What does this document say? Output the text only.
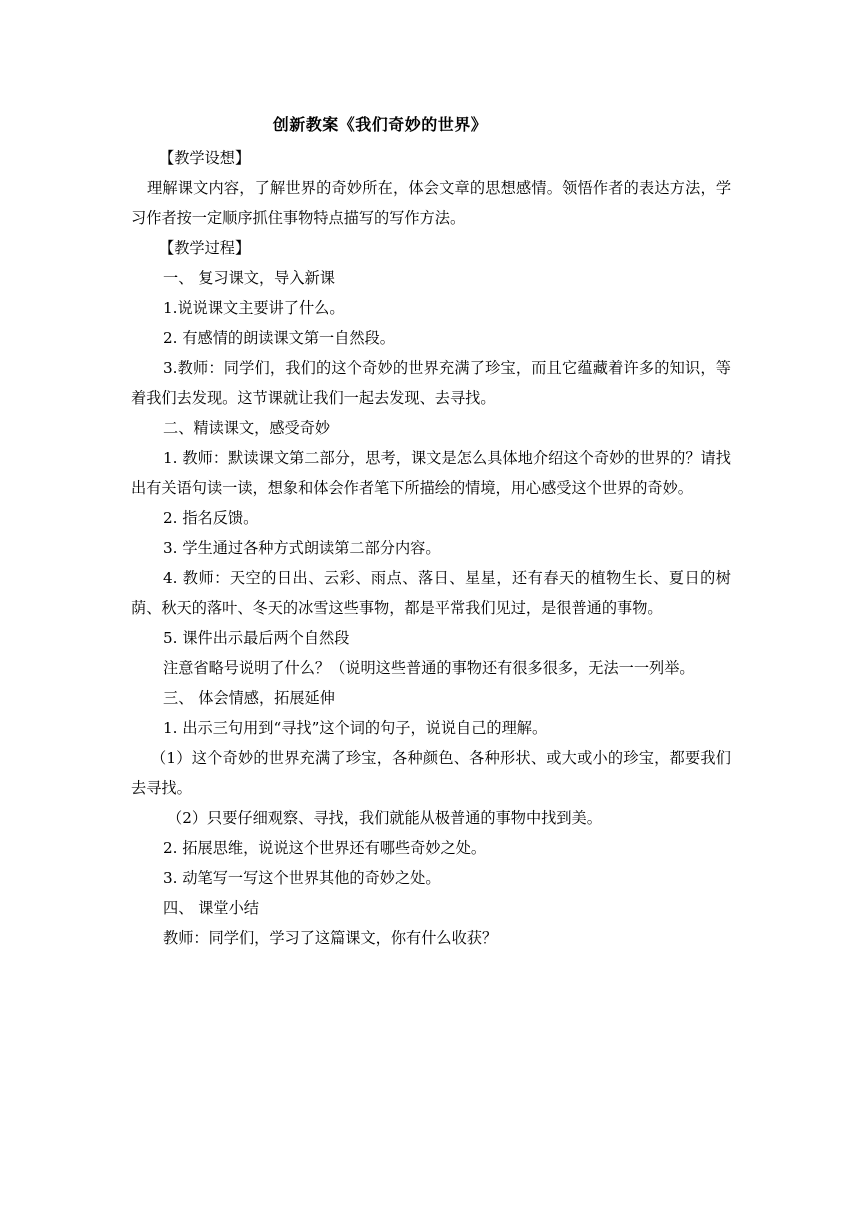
创新教案《我们奇妙的世界》
【教学设想】
理解课文内容，了解世界的奇妙所在，体会文章的思想感情。领悟作者的表达方法，学习作者按一定顺序抓住事物特点描写的写作方法。
【教学过程】
一、 复习课文，导入新课
1.说说课文主要讲了什么。
2. 有感情的朗读课文第一自然段。
3.教师：同学们，我们的这个奇妙的世界充满了珍宝，而且它蕴藏着许多的知识，等着我们去发现。这节课就让我们一起去发现、去寻找。
二、精读课文，感受奇妙
1. 教师：默读课文第二部分，思考，课文是怎么具体地介绍这个奇妙的世界的？请找出有关语句读一读，想象和体会作者笔下所描绘的情境，用心感受这个世界的奇妙。
2. 指名反馈。
3. 学生通过各种方式朗读第二部分内容。
4. 教师：天空的日出、云彩、雨点、落日、星星，还有春天的植物生长、夏日的树荫、秋天的落叶、冬天的冰雪这些事物，都是平常我们见过，是很普通的事物。
5. 课件出示最后两个自然段
注意省略号说明了什么？（说明这些普通的事物还有很多很多，无法一一列举。
三、 体会情感，拓展延伸
1. 出示三句用到“寻找”这个词的句子，说说自己的理解。
（1）这个奇妙的世界充满了珍宝，各种颜色、各种形状、或大或小的珍宝，都要我们去寻找。
（2）只要仔细观察、寻找，我们就能从极普通的事物中找到美。
2. 拓展思维，说说这个世界还有哪些奇妙之处。
3. 动笔写一写这个世界其他的奇妙之处。
四、 课堂小结
教师：同学们，学习了这篇课文，你有什么收获？
